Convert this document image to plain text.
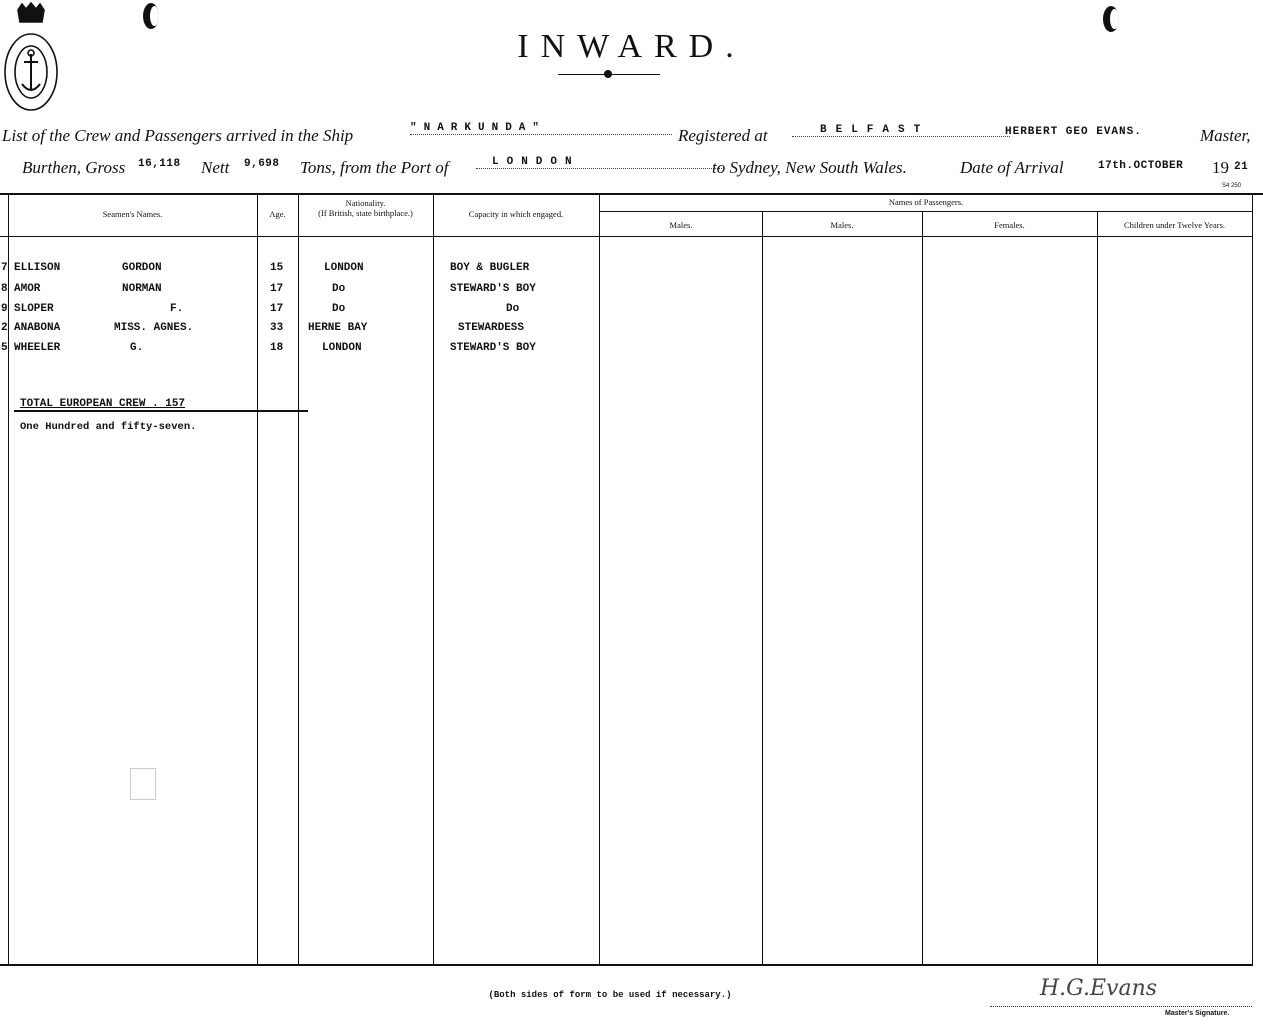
INWARD.
List of the Crew and Passengers arrived in the Ship	"NARKUNDA"	Registered at	BELFAST	HERBERT GEO EVANS.	Master,
Burthen, Gross 16,118 Nett 9,698 Tons, from the Port of	LONDON	to Sydney, New South Wales.	Date of Arrival	17th.OCTOBER 19 21
S4 250
Seamen's Names.	Age.
Nationality.
(If British, state birthplace.)	Capacity in which engaged.
Names of Passengers.
Males.	Males.	Females.	Children under Twelve Years.
7 ELLISON	GORDON	15	LONDON	BOY & BUGLER
8 AMOR	NORMAN	17	Do	STEWARD'S BOY
9 SLOPER	F.	17	Do	Do
2 ANABONA	MISS. AGNES.	33 HERNE BAY	STEWARDESS
5 WHEELER	G.	18	LONDON	STEWARD'S BOY
TOTAL EUROPEAN CREW . 157
One Hundred and fifty-seven.
(Both sides of form to be used if necessary.)	H.G.Evans
Master's Signature.
